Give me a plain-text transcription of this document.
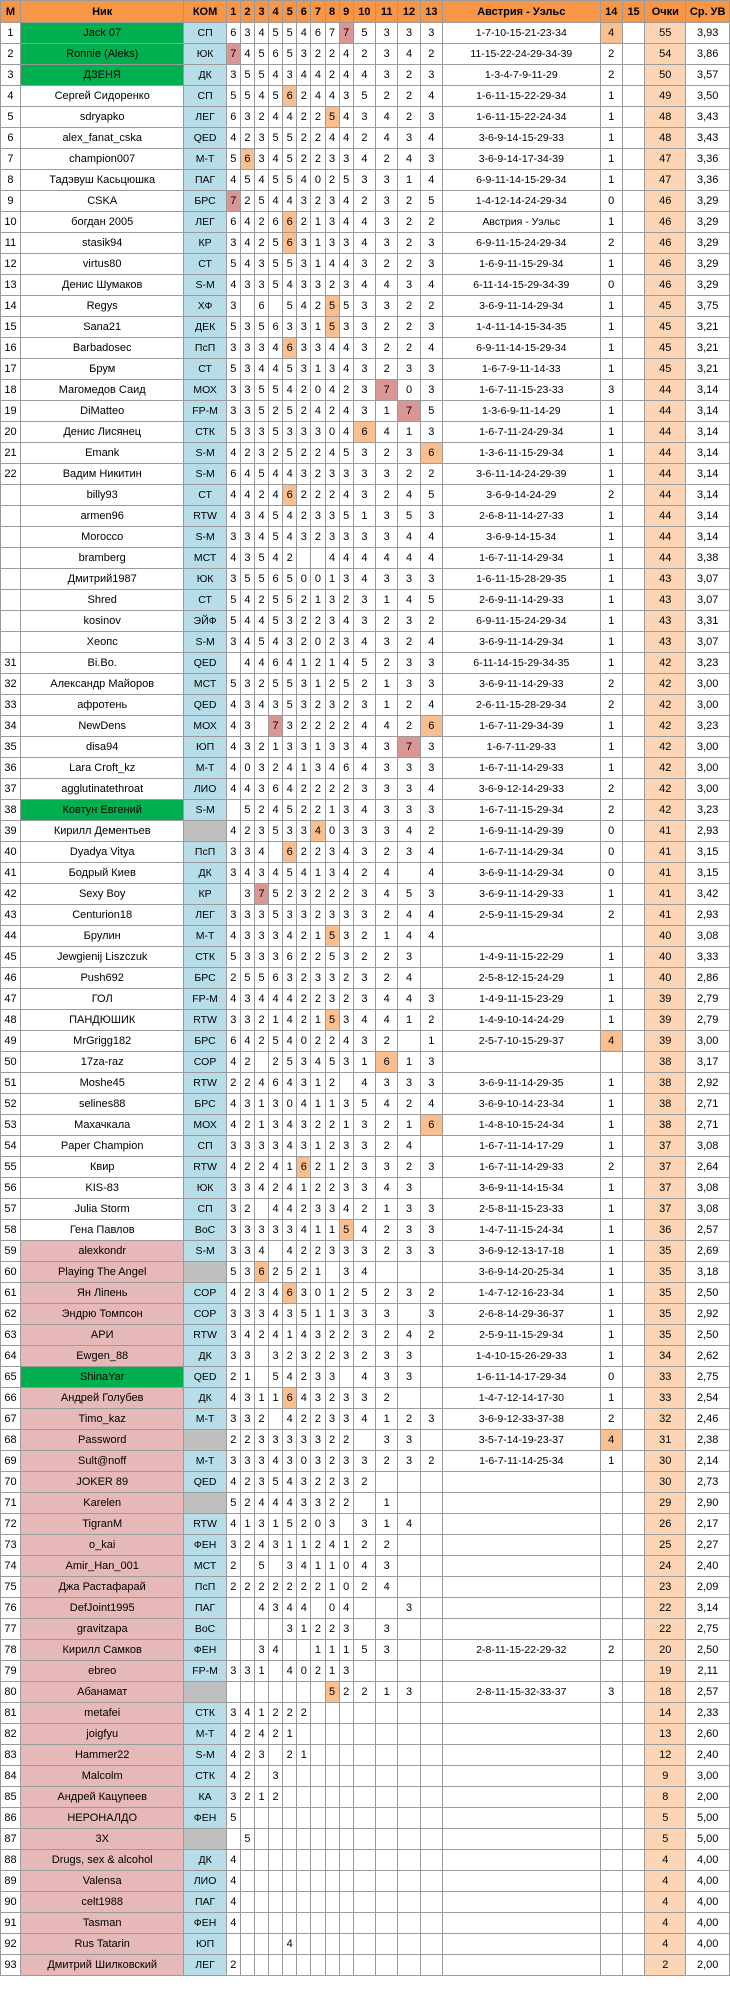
М	Ник	КОМ	1	2	3	4	5	6	7	8	9	10	11	12	13	Австрия - Уэльс	14	15	Очки	Ср. УВ
1	Jack 07	СП	6	3	4	5	5	4	6	7	7	5	3	3	3	1-7-10-15-21-23-34	4		55	3,93
2	Ronnie (Aleks)	ЮК	7	4	5	6	5	3	2	2	4	2	3	4	2	11-15-22-24-29-34-39	2		54	3,86
3	ДЗЕНЯ	ДК	3	5	5	4	3	4	4	2	4	4	3	2	3	1-3-4-7-9-11-29	2		50	3,57
4	Сергей Сидоренко	СП	5	5	4	5	6	2	4	4	3	5	2	2	4	1-6-11-15-22-29-34	1		49	3,50
5	sdryapko	ЛЕГ	6	3	2	4	4	2	2	5	4	3	4	2	3	1-6-11-15-22-24-34	1		48	3,43
6	alex_fanat_cska	QED	4	2	3	5	5	2	2	4	4	2	4	3	4	3-6-9-14-15-29-33	1		48	3,43
7	champion007	М-Т	5	6	3	4	5	2	2	3	3	4	2	4	3	3-6-9-14-17-34-39	1		47	3,36
8	Тадэвуш Касьцюшка	ПАГ	4	5	4	5	5	4	0	2	5	3	3	1	4	6-9-11-14-15-29-34	1		47	3,36
9	CSKA	БРС	7	2	5	4	4	3	2	3	4	2	3	2	5	1-4-12-14-24-29-34	0		46	3,29
10	богдан 2005	ЛЕГ	6	4	2	6	6	2	1	3	4	4	3	2	2	Австрия - Уэльс	1		46	3,29
11	stasik94	КР	3	4	2	5	6	3	1	3	3	4	3	2	3	6-9-11-15-24-29-34	2		46	3,29
12	virtus80	СТ	5	4	3	5	5	3	1	4	4	3	2	2	3	1-6-9-11-15-29-34	1		46	3,29
13	Денис Шумаков	S-M	4	3	3	5	4	3	3	2	3	4	4	3	4	6-11-14-15-29-34-39	0		46	3,29
14	Regys	ХФ	3		6		5	4	2	5	5	3	3	2	2	3-6-9-11-14-29-34	1		45	3,75
15	Sana21	ДЕК	5	3	5	6	3	3	1	5	3	3	2	2	3	1-4-11-14-15-34-35	1		45	3,21
16	Barbadosec	ПсП	3	3	3	4	6	3	3	4	4	3	2	2	4	6-9-11-14-15-29-34	1		45	3,21
17	Брум	СТ	5	3	4	4	5	3	1	3	4	3	2	3	3	1-6-7-9-11-14-33	1		45	3,21
18	Магомедов Саид	МОХ	3	3	5	5	4	2	0	4	2	3	7	0	3	1-6-7-11-15-23-33	3		44	3,14
19	DiMatteo	FP-M	3	3	5	2	5	2	4	2	4	3	1	7	5	1-3-6-9-11-14-29	1		44	3,14
20	Денис Лисянец	СТК	5	3	3	5	3	3	3	0	4	6	4	1	3	1-6-7-11-24-29-34	1		44	3,14
21	Emank	S-M	4	2	3	2	5	2	2	4	5	3	2	3	6	1-3-6-11-15-29-34	1		44	3,14
22	Вадим Никитин	S-M	6	4	5	4	4	3	2	3	3	3	3	2	2	3-6-11-14-24-29-39	1		44	3,14
23	billy93	СТ	4	4	2	4	6	2	2	2	4	3	2	4	5	3-6-9-14-24-29	2		44	3,14
24	armen96	RTW	4	3	4	5	4	2	3	3	5	1	3	5	3	2-6-8-11-14-27-33	1		44	3,14
25	Morocco	S-M	3	3	4	5	4	3	2	3	3	3	3	4	4	3-6-9-14-15-34	1		44	3,14
26	bramberg	МСТ	4	3	5	4	2			4	4	4	4	4	4	1-6-7-11-14-29-34	1		44	3,38
27	Дмитрий1987	ЮК	3	5	5	6	5	0	0	1	3	4	3	3	3	1-6-11-15-28-29-35	1		43	3,07
28	Shred	СТ	5	4	2	5	5	2	1	3	2	3	1	4	5	2-6-9-11-14-29-33	1		43	3,07
29	kosinov	ЭЙФ	5	4	4	5	3	2	2	3	4	3	2	3	2	6-9-11-15-24-29-34	1		43	3,31
30	Хеопс	S-M	3	4	5	4	3	2	0	2	3	4	3	2	4	3-6-9-11-14-29-34	1		43	3,07
31	Bi.Bo.	QED		4	4	6	4	1	2	1	4	5	2	3	3	6-11-14-15-29-34-35	1		42	3,23
32	Александр Майоров	МСТ	5	3	2	5	5	3	1	2	5	2	1	3	3	3-6-9-11-14-29-33	2		42	3,00
33	афротень	QED	4	3	4	3	5	3	2	3	2	3	1	2	4	2-6-11-15-28-29-34	2		42	3,00
34	NewDens	МОХ	4	3		7	3	2	2	2	2	4	4	2	6	1-6-7-11-29-34-39	1		42	3,23
35	disa94	ЮП	4	3	2	1	3	3	1	3	3	4	3	7	3	1-6-7-11-29-33	1		42	3,00
36	Lara Croft_kz	М-Т	4	0	3	2	4	1	3	4	6	4	3	3	3	1-6-7-11-14-29-33	1		42	3,00
37	agglutinatethroat	ЛИО	4	4	3	6	4	2	2	2	2	3	3	3	4	3-6-9-12-14-29-33	2		42	3,00
38	Ковтун Евгений	S-M		5	2	4	5	2	2	1	3	4	3	3	3	1-6-7-11-15-29-34	2		42	3,23
39	Кирилл Дементьев		4	2	3	5	3	3	4	0	3	3	3	4	2	1-6-9-11-14-29-39	0		41	2,93
40	Dyadya Vitya	ПсП	3	3	4		6	2	2	3	4	3	2	3	4	1-6-7-11-14-29-34	0		41	3,15
41	Бодрый Киев	ДК	3	4	3	4	5	4	1	3	4	2	4		4	3-6-9-11-14-29-34	0		41	3,15
42	Sexy Boy	КР		3	7	5	2	3	2	2	2	3	4	5	3	3-6-9-11-14-29-33	1		41	3,42
43	Centurion18	ЛЕГ	3	3	3	5	3	3	2	3	3	3	2	4	4	2-5-9-11-15-29-34	2		41	2,93
44	Брулин	М-Т	4	3	3	3	4	2	1	5	3	2	1	4	4				40	3,08
45	Jewgienij Liszczuk	СТК	5	3	3	3	6	2	2	5	3	2	2	3		1-4-9-11-15-22-29	1		40	3,33
46	Push692	БРС	2	5	5	6	3	2	3	3	2	3	2	4		2-5-8-12-15-24-29	1		40	2,86
47	ГОЛ	FP-M	4	3	4	4	4	2	2	3	2	3	4	4	3	1-4-9-11-15-23-29	1		39	2,79
48	ПАНДЮШИК	RTW	3	3	2	1	4	2	1	5	3	4	4	1	2	1-4-9-10-14-24-29	1		39	2,79
49	MrGrigg182	БРС	6	4	2	5	4	0	2	2	4	3	2		1	2-5-7-10-15-29-37	4		39	3,00
50	17za-raz	СОР	4	2		2	5	3	4	5	3	1	6	1	3				38	3,17
51	Moshe45	RTW	2	2	4	6	4	3	1	2		4	3	3	3	3-6-9-11-14-29-35	1		38	2,92
52	selines88	БРС	4	3	1	3	0	4	1	1	3	5	4	2	4	3-6-9-10-14-23-34	1		38	2,71
53	Махачкала	МОХ	4	2	1	3	4	3	2	2	1	3	2	1	6	1-4-8-10-15-24-34	1		38	2,71
54	Paper Champion	СП	3	3	3	3	4	3	1	2	3	3	2	4		1-6-7-11-14-17-29	1		37	3,08
55	Квир	RTW	4	2	2	4	1	6	2	1	2	3	3	2	3	1-6-7-11-14-29-33	2		37	2,64
56	KIS-83	ЮК	3	3	4	2	4	1	2	2	3	3	4	3		3-6-9-11-14-15-34	1		37	3,08
57	Julia Storm	СП	3	2		4	4	2	3	3	4	2	1	3	3	2-5-8-11-15-23-33	1		37	3,08
58	Гена Павлов	ВоС	3	3	3	3	3	4	1	1	5	4	2	3	3	1-4-7-11-15-24-34	1		36	2,57
59	alexkondr	S-M	3	3	4		4	2	2	3	3	3	2	3	3	3-6-9-12-13-17-18	1		35	2,69
60	Playing The Angel		5	3	6	2	5	2	1		3	4				3-6-9-14-20-25-34	1		35	3,18
61	Ян Ліпень	СОР	4	2	3	4	6	3	0	1	2	5	2	3	2	1-4-7-12-16-23-34	1		35	2,50
62	Эндрю Томпсон	СОР	3	3	3	4	3	5	1	1	3	3	3		3	2-6-8-14-29-36-37	1		35	2,92
63	АРИ	RTW	3	4	2	4	1	4	3	2	2	3	2	4	2	2-5-9-11-15-29-34	1		35	2,50
64	Ewgen_88	ДК	3	3		3	2	3	2	2	3	2	3	3		1-4-10-15-26-29-33	1		34	2,62
65	ShinaYar	QED	2	1		5	4	2	3	3		4	3	3		1-6-11-14-17-29-34	0		33	2,75
66	Андрей Голубев	ДК	4	3	1	1	6	4	3	2	3	3	2			1-4-7-12-14-17-30	1		33	2,54
67	Timo_kaz	М-Т	3	3	2		4	2	2	3	3	4	1	2	3	3-6-9-12-33-37-38	2		32	2,46
68	Password		2	2	3	3	3	3	3	2	2		3	3		3-5-7-14-19-23-37	4		31	2,38
69	Sult@noff	М-Т	3	3	3	4	3	0	3	2	3	3	2	3	2	1-6-7-11-14-25-34	1		30	2,14
70	JOKER 89	QED	4	2	3	5	4	3	2	2	3	2							30	2,73
71	Karelen		5	2	4	4	4	3	3	2	2		1						29	2,90
72	TigranM	RTW	4	1	3	1	5	2	0	3		3	1	4					26	2,17
73	o_kai	ФЕН	3	2	4	3	1	1	2	4	1	2	2						25	2,27
74	Amir_Han_001	МСТ	2		5		3	4	1	1	0	4	3						24	2,40
75	Джа Растафарай	ПсП	2	2	2	2	2	2	2	1	0	2	4						23	2,09
76	DefJoint1995	ПАГ			4	3	4	4		0	4			3					22	3,14
77	gravitzapa	ВоС					3	1	2	2	3		3						22	2,75
78	Кирилл Самков	ФЕН			3	4			1	1	1	5	3			2-8-11-15-22-29-32	2		20	2,50
79	ebreo	FP-M	3	3	1		4	0	2	1	3								19	2,11
80	Абанамат									5	2	2	1	3		2-8-11-15-32-33-37	3		18	2,57
81	metafei	СТК	3	4	1	2	2	2											14	2,33
82	joigfyu	М-Т	4	2	4	2	1												13	2,60
83	Hammer22	S-M	4	2	3		2	1											12	2,40
84	Malcolm	СТК	4	2		3													9	3,00
85	Андрей Кацупеев	КА	3	2	1	2													8	2,00
86	НЕРОНАЛДО	ФЕН	5																5	5,00
87	3X			5															5	5,00
88	Drugs, sex & alcohol	ДК	4																4	4,00
89	Valensa	ЛИО	4																4	4,00
90	celt1988	ПАГ	4																4	4,00
91	Tasman	ФЕН	4																4	4,00
92	Rus Tatarin	ЮП					4												4	4,00
93	Дмитрий Шилковский	ЛЕГ	2																2	2,00
